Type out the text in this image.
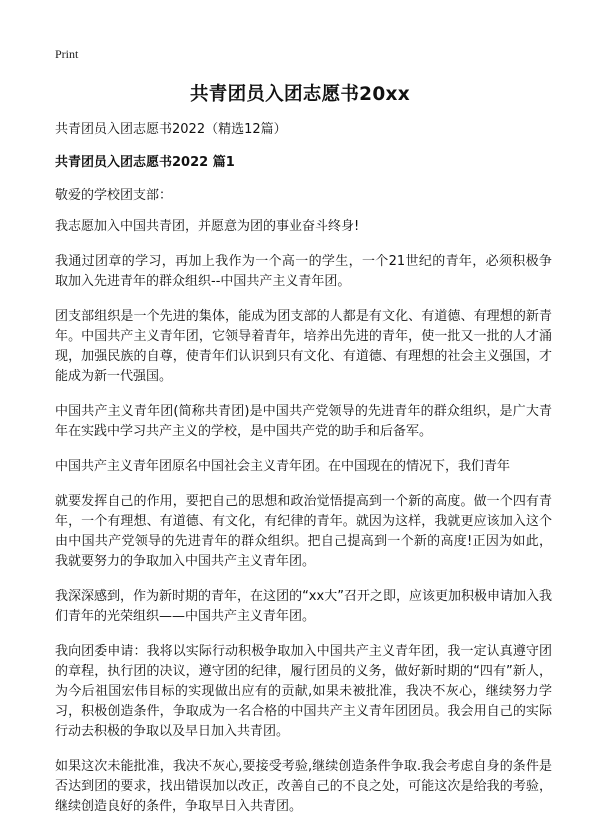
Print
共青团员入团志愿书20xx

共青团员入团志愿书2022（精选12篇）

共青团员入团志愿书2022 篇1

敬爱的学校团支部：

我志愿加入中国共青团，并愿意为团的事业奋斗终身!

我通过团章的学习，再加上我作为一个高一的学生，一个21世纪的青年，必须积极争取加入先进青年的群众组织--中国共产主义青年团。

团支部组织是一个先进的集体，能成为团支部的人都是有文化、有道德、有理想的新青年。中国共产主义青年团，它领导着青年，培养出先进的青年，使一批又一批的人才涌现，加强民族的自尊，使青年们认识到只有文化、有道德、有理想的社会主义强国，才能成为新一代强国。

中国共产主义青年团(简称共青团)是中国共产党领导的先进青年的群众组织，是广大青年在实践中学习共产主义的学校，是中国共产党的助手和后备军。

中国共产主义青年团原名中国社会主义青年团。在中国现在的情况下，我们青年

就要发挥自己的作用，要把自己的思想和政治觉悟提高到一个新的高度。做一个四有青年，一个有理想、有道德、有文化，有纪律的青年。就因为这样，我就更应该加入这个由中国共产党领导的先进青年的群众组织。把自己提高到一个新的高度!正因为如此，我就要努力的争取加入中国共产主义青年团。

我深深感到，作为新时期的青年，在这团的“xx大”召开之即，应该更加积极申请加入我们青年的光荣组织——中国共产主义青年团。

我向团委申请：我将以实际行动积极争取加入中国共产主义青年团，我一定认真遵守团的章程，执行团的决议，遵守团的纪律，履行团员的义务，做好新时期的“四有”新人，为今后祖国宏伟目标的实现做出应有的贡献,如果未被批准，我决不灰心，继续努力学习，积极创造条件，争取成为一名合格的中国共产主义青年团团员。我会用自己的实际行动去积极的争取以及早日加入共青团。

如果这次未能批准，我决不灰心,要接受考验,继续创造条件争取.我会考虑自身的条件是否达到团的要求，找出错误加以改正，改善自己的不良之处，可能这次是给我的考验，继续创造良好的条件，争取早日入共青团。
